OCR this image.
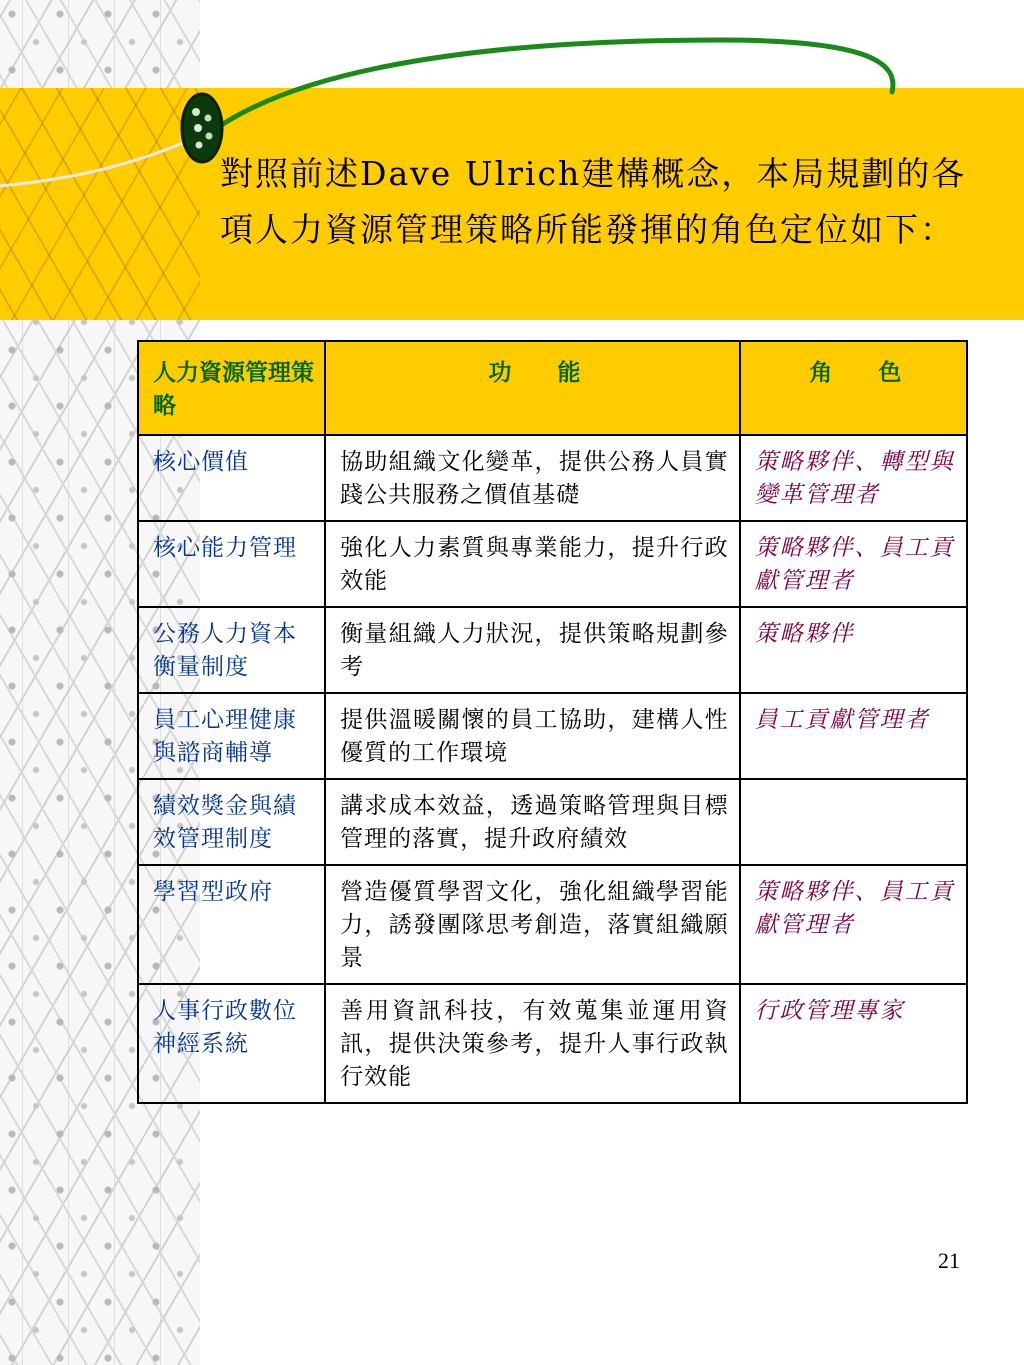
對照前述Dave Ulrich建構概念，本局規劃的各項人力資源管理策略所能發揮的角色定位如下：

人力資源管理策略	功　　能	角　　色
核心價值	協助組織文化變革，提供公務人員實踐公共服務之價值基礎	策略夥伴、轉型與變革管理者
核心能力管理	強化人力素質與專業能力，提升行政效能	策略夥伴、員工貢獻管理者
公務人力資本衡量制度	衡量組織人力狀況，提供策略規劃參考	策略夥伴
員工心理健康與諮商輔導	提供溫暖關懷的員工協助，建構人性優質的工作環境	員工貢獻管理者
績效獎金與績效管理制度	講求成本效益，透過策略管理與目標管理的落實，提升政府績效	
學習型政府	營造優質學習文化，強化組織學習能力，誘發團隊思考創造，落實組織願景	策略夥伴、員工貢獻管理者
人事行政數位神經系統	善用資訊科技，有效蒐集並運用資訊，提供決策參考，提升人事行政執行效能	行政管理專家
21
